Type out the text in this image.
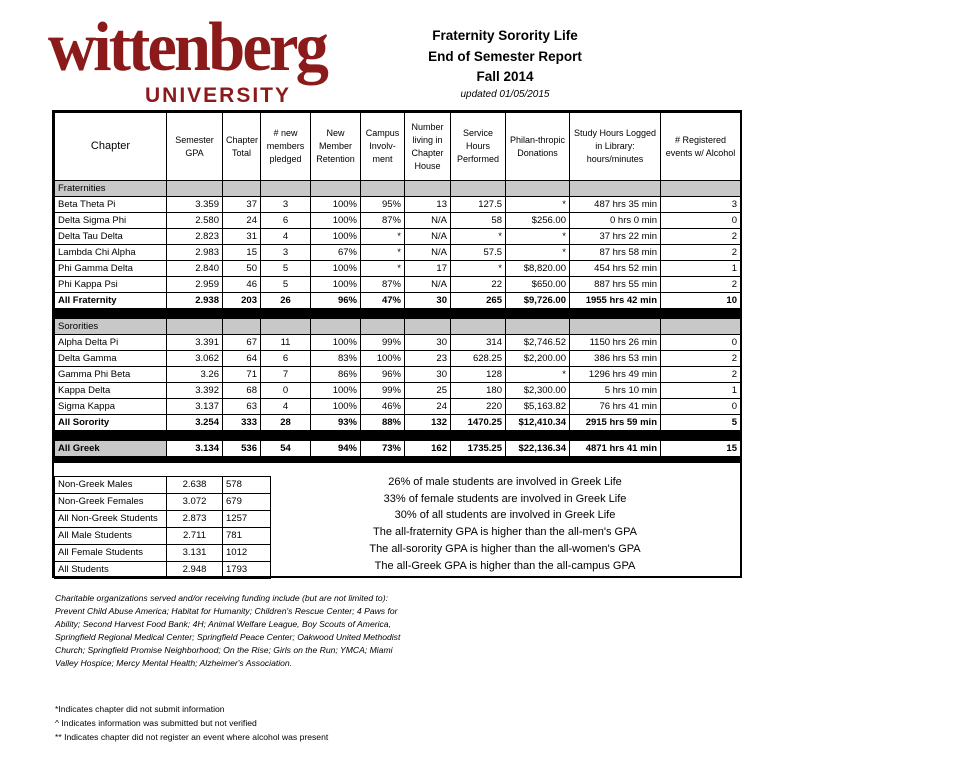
wittenberg
UNIVERSITY
Fraternity Sorority Life
End of Semester Report
Fall 2014
updated 01/05/2015
Chapter	Semester GPA	Chapter Total	# new members pledged	New Member Retention	Campus Involv-ment	Number living in Chapter House	Service Hours Performed	Philan-thropic Donations	Study Hours Logged in Library: hours/minutes	# Registered events w/ Alcohol
Fraternities										
Beta Theta Pi	3.359	37	3	100%	95%	13	127.5	*	487 hrs 35 min	3
Delta Sigma Phi	2.580	24	6	100%	87%	N/A	58	$256.00	0 hrs 0 min	0
Delta Tau Delta	2.823	31	4	100%	*	N/A	*	*	37 hrs 22 min	2
Lambda Chi Alpha	2.983	15	3	67%	*	N/A	57.5	*	87 hrs 58 min	2
Phi Gamma Delta	2.840	50	5	100%	*	17	*	$8,820.00	454 hrs 52 min	1
Phi Kappa Psi	2.959	46	5	100%	87%	N/A	22	$650.00	887 hrs 55 min	2
All Fraternity	2.938	203	26	96%	47%	30	265	$9,726.00	1955 hrs 42 min	10

Sororities										
Alpha Delta Pi	3.391	67	11	100%	99%	30	314	$2,746.52	1150 hrs 26 min	0
Delta Gamma	3.062	64	6	83%	100%	23	628.25	$2,200.00	386 hrs 53 min	2
Gamma Phi Beta	3.26	71	7	86%	96%	30	128	*	1296 hrs 49 min	2
Kappa Delta	3.392	68	0	100%	99%	25	180	$2,300.00	5 hrs 10 min	1
Sigma Kappa	3.137	63	4	100%	46%	24	220	$5,163.82	76 hrs 41 min	0
All Sorority	3.254	333	28	93%	88%	132	1470.25	$12,410.34	2915 hrs 59 min	5

All Greek	3.134	536	54	94%	73%	162	1735.25	$22,136.34	4871 hrs 41 min	15

Non-Greek Males	2.638	578
Non-Greek Females	3.072	679
All Non-Greek Students	2.873	1257
All Male Students	2.711	781
All Female Students	3.131	1012
All Students	2.948	1793
26% of male students are involved in Greek Life
33% of female students are involved in Greek Life
30% of all students are involved in Greek Life
The all-fraternity GPA is higher than the all-men's GPA
The all-sorority GPA is higher than the all-women's GPA
The all-Greek GPA is higher than the all-campus GPA
Charitable organizations served and/or receiving funding include (but are not limited to): Prevent Child Abuse America; Habitat for Humanity; Children's Rescue Center; 4 Paws for Ability; Second Harvest Food Bank; 4H; Animal Welfare League, Boy Scouts of America, Springfield Regional Medical Center; Springfield Peace Center; Oakwood United Methodist Church; Springfield Promise Neighborhood; On the Rise; Girls on the Run; YMCA; Miami Valley Hospice; Mercy Mental Health; Alzheimer's Association.
*Indicates chapter did not submit information
^ Indicates information was submitted but not verified
** Indicates chapter did not register an event where alcohol was present
